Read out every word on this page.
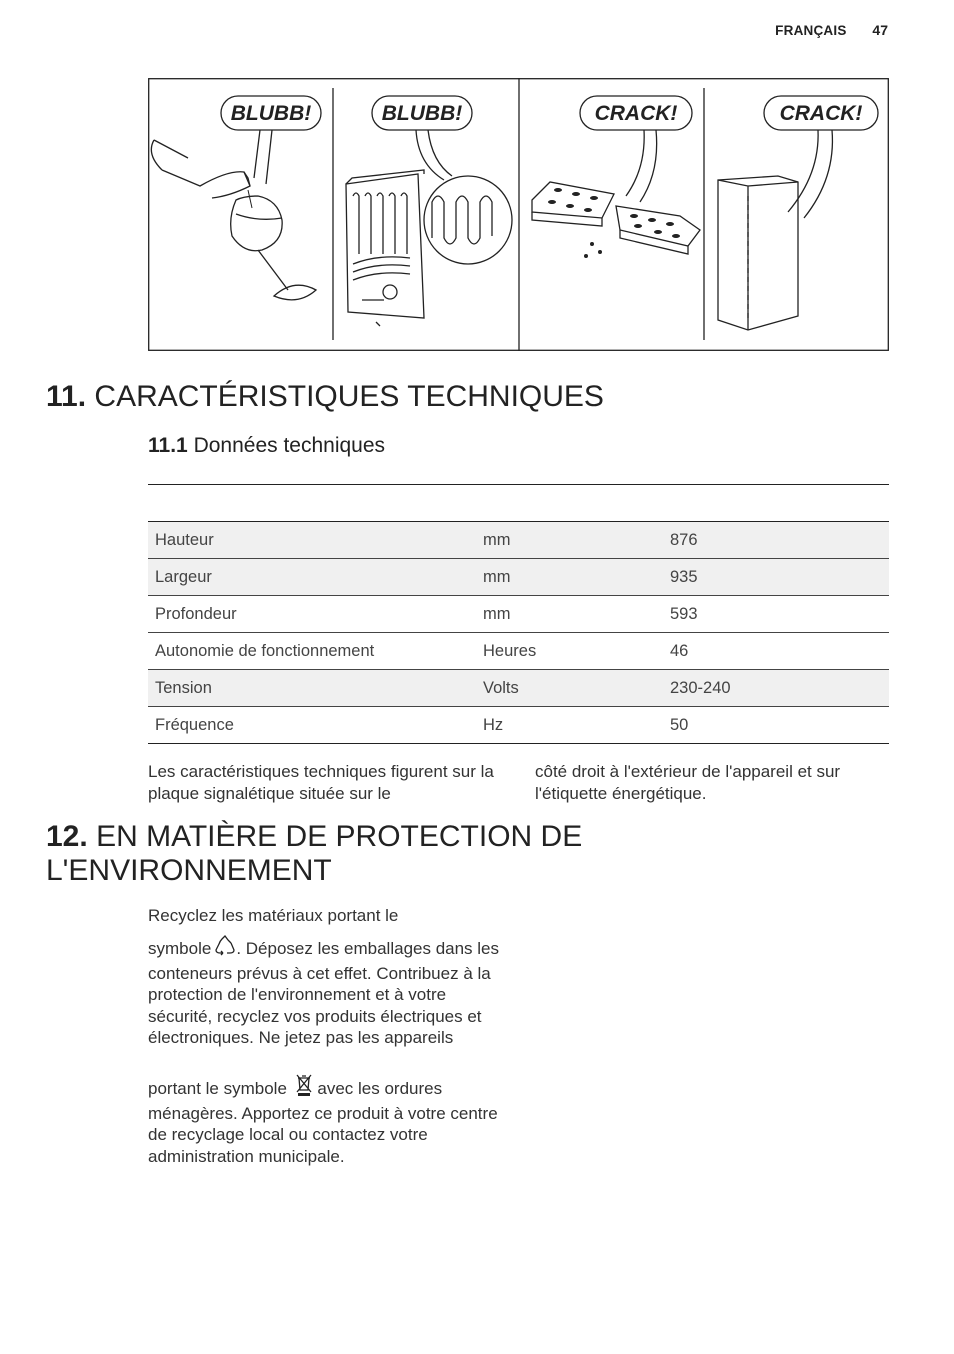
FRANÇAIS 47
BLUBB!	BLUBB!	CRACK!	CRACK!
11. CARACTÉRISTIQUES TECHNIQUES
11.1 Données techniques

Hauteur	mm	876
Largeur	mm	935
Profondeur	mm	593
Autonomie de fonctionnement	Heures	46
Tension	Volts	230-240
Fréquence	Hz	50

Les caractéristiques techniques figurent sur la plaque signalétique située sur le

côté droit à l'extérieur de l'appareil et sur l'étiquette énergétique.

12. EN MATIÈRE DE PROTECTION DE
L'ENVIRONNEMENT

Recyclez les matériaux portant le

symbole . Déposez les emballages dans les conteneurs prévus à cet effet. Contribuez à la protection de l'environnement et à votre sécurité, recyclez vos produits électriques et électroniques. Ne jetez pas les appareils

portant le symbole avec les ordures ménagères. Apportez ce produit à votre centre de recyclage local ou contactez votre administration municipale.
